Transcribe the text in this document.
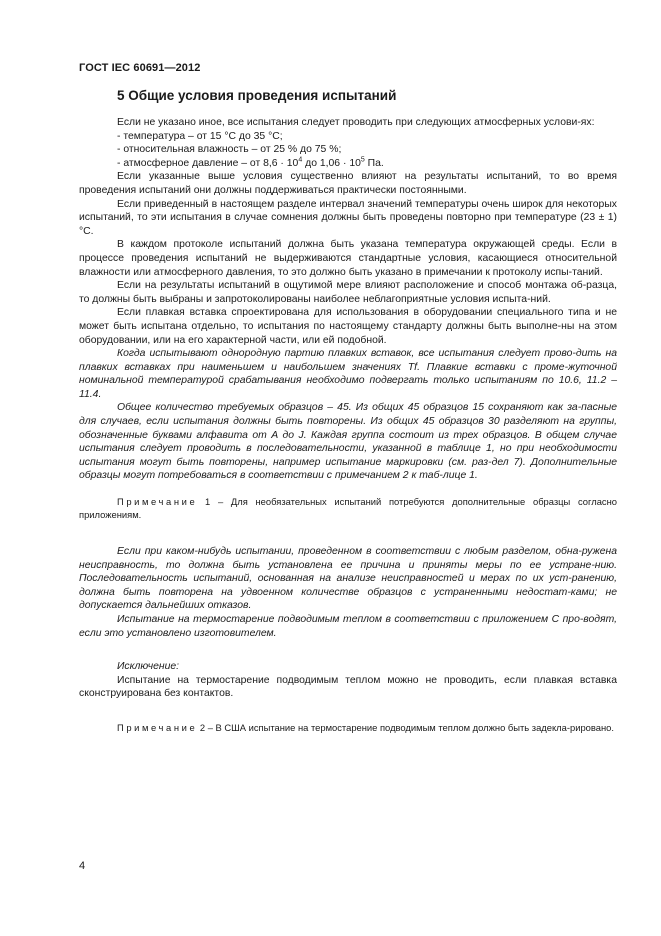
ГОСТ IEC 60691—2012
5 Общие условия проведения испытаний

Если не указано иное, все испытания следует проводить при следующих атмосферных услови-ях:

- температура – от 15 °С до 35 °С;

- относительная влажность – от 25 % до 75 %;

- атмосферное давление – от $8,6 \cdot 10^4$ до $1,06 \cdot 10^5$ Па.

Если указанные выше условия существенно влияют на результаты испытаний, то во время проведения испытаний они должны поддерживаться практически постоянными.

Если приведенный в настоящем разделе интервал значений температуры очень широк для некоторых испытаний, то эти испытания в случае сомнения должны быть проведены повторно при температуре (23 ± 1) °С.

В каждом протоколе испытаний должна быть указана температура окружающей среды. Если в процессе проведения испытаний не выдерживаются стандартные условия, касающиеся относительной влажности или атмосферного давления, то это должно быть указано в примечании к протоколу испы-таний.

Если на результаты испытаний в ощутимой мере влияют расположение и способ монтажа об-разца, то должны быть выбраны и запротоколированы наиболее неблагоприятные условия испыта-ний.

Если плавкая вставка спроектирована для использования в оборудовании специального типа и не может быть испытана отдельно, то испытания по настоящему стандарту должны быть выполне-ны на этом оборудовании, или на его характерной части, или ей подобной.

Когда испытывают однородную партию плавких вставок, все испытания следует прово-дить на плавких вставках при наименьшем и наибольшем значениях Tf. Плавкие вставки с проме-жуточной номинальной температурой срабатывания необходимо подвергать только испытаниям по 10.6, 11.2 – 11.4.

Общее количество требуемых образцов – 45. Из общих 45 образцов 15 сохраняют как за-пасные для случаев, если испытания должны быть повторены. Из общих 45 образцов 30 разделяют на группы, обозначенные буквами алфавита от А до J. Каждая группа состоит из трех образцов. В общем случае испытания следует проводить в последовательности, указанной в таблице 1, но при необходимости испытания могут быть повторены, например испытание маркировки (см. раз-дел 7). Дополнительные образцы могут потребоваться в соответствии с примечанием 2 к таб-лице 1.

Примечание 1 – Для необязательных испытаний потребуются дополнительные образцы согласно приложениям.

Если при каком-нибудь испытании, проведенном в соответствии с любым разделом, обна-ружена неисправность, то должна быть установлена ее причина и приняты меры по ее устране-нию. Последовательность испытаний, основанная на анализе неисправностей и мерах по их уст-ранению, должна быть повторена на удвоенном количестве образцов с устраненными недостат-ками; не допускается дальнейших отказов.

Испытание на термостарение подводимым теплом в соответствии с приложением С про-водят, если это установлено изготовителем.

Исключение:

Испытание на термостарение подводимым теплом можно не проводить, если плавкая вставка сконструирована без контактов.

Примечание 2 – В США испытание на термостарение подводимым теплом должно быть задекла-рировано.

4
